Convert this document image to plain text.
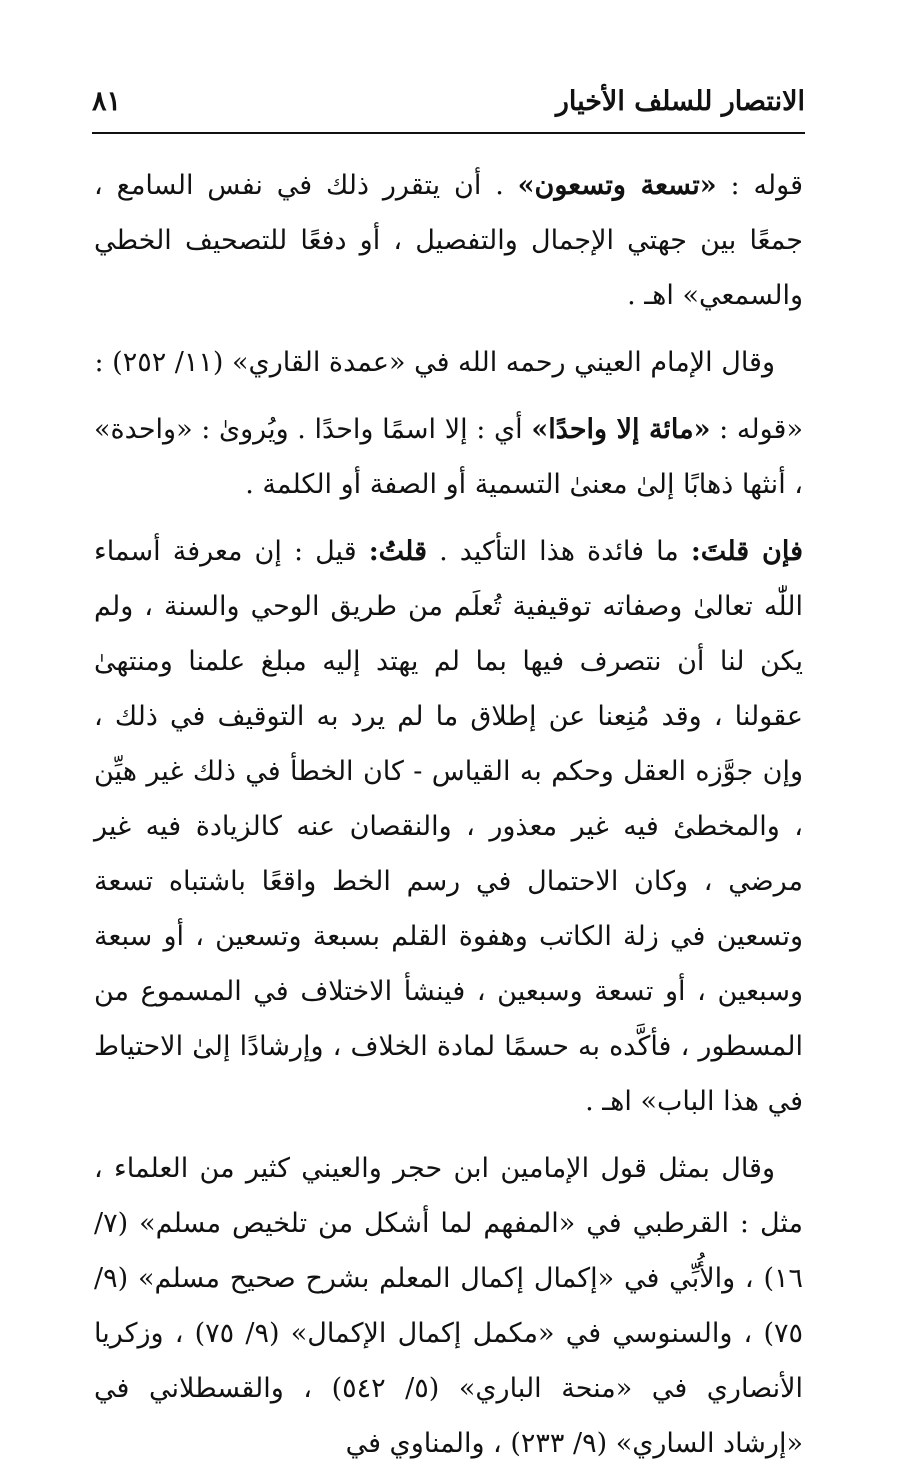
الانتصار للسلف الأخيار
٨١

قوله : «تسعة وتسعون» . أن يتقرر ذلك في نفس السامع ، جمعًا بين جهتي الإجمال والتفصيل ، أو دفعًا للتصحيف الخطي والسمعي» اهـ .

وقال الإمام العيني رحمه الله في «عمدة القاري» (١١/ ٢٥٢) :

«قوله : «مائة إلا واحدًا» أي : إلا اسمًا واحدًا . ويُروىٰ : «واحدة» ، أنثها ذهابًا إلىٰ معنىٰ التسمية أو الصفة أو الكلمة .

فإن قلتَ: ما فائدة هذا التأكيد . قلتُ: قيل : إن معرفة أسماء اللّٰه تعالىٰ وصفاته توقيفية تُعلَم من طريق الوحي والسنة ، ولم يكن لنا أن نتصرف فيها بما لم يهتد إليه مبلغ علمنا ومنتهىٰ عقولنا ، وقد مُنِعنا عن إطلاق ما لم يرد به التوقيف في ذلك ، وإن جوَّزه العقل وحكم به القياس - كان الخطأ في ذلك غير هيِّن ، والمخطئ فيه غير معذور ، والنقصان عنه كالزيادة فيه غير مرضي ، وكان الاحتمال في رسم الخط واقعًا باشتباه تسعة وتسعين في زلة الكاتب وهفوة القلم بسبعة وتسعين ، أو سبعة وسبعين ، أو تسعة وسبعين ، فينشأ الاختلاف في المسموع من المسطور ، فأكَّده به حسمًا لمادة الخلاف ، وإرشادًا إلىٰ الاحتياط في هذا الباب» اهـ .

وقال بمثل قول الإمامين ابن حجر والعيني كثير من العلماء ، مثل : القرطبي في «المفهم لما أشكل من تلخيص مسلم» (٧/ ١٦) ، والأُبِّي في «إكمال إكمال المعلم بشرح صحيح مسلم» (٩/ ٧٥) ، والسنوسي في «مكمل إكمال الإكمال» (٩/ ٧٥) ، وزكريا الأنصاري في «منحة الباري» (٥/ ٥٤٢) ، والقسطلاني في «إرشاد الساري» (٩/ ٢٣٣) ، والمناوي في
